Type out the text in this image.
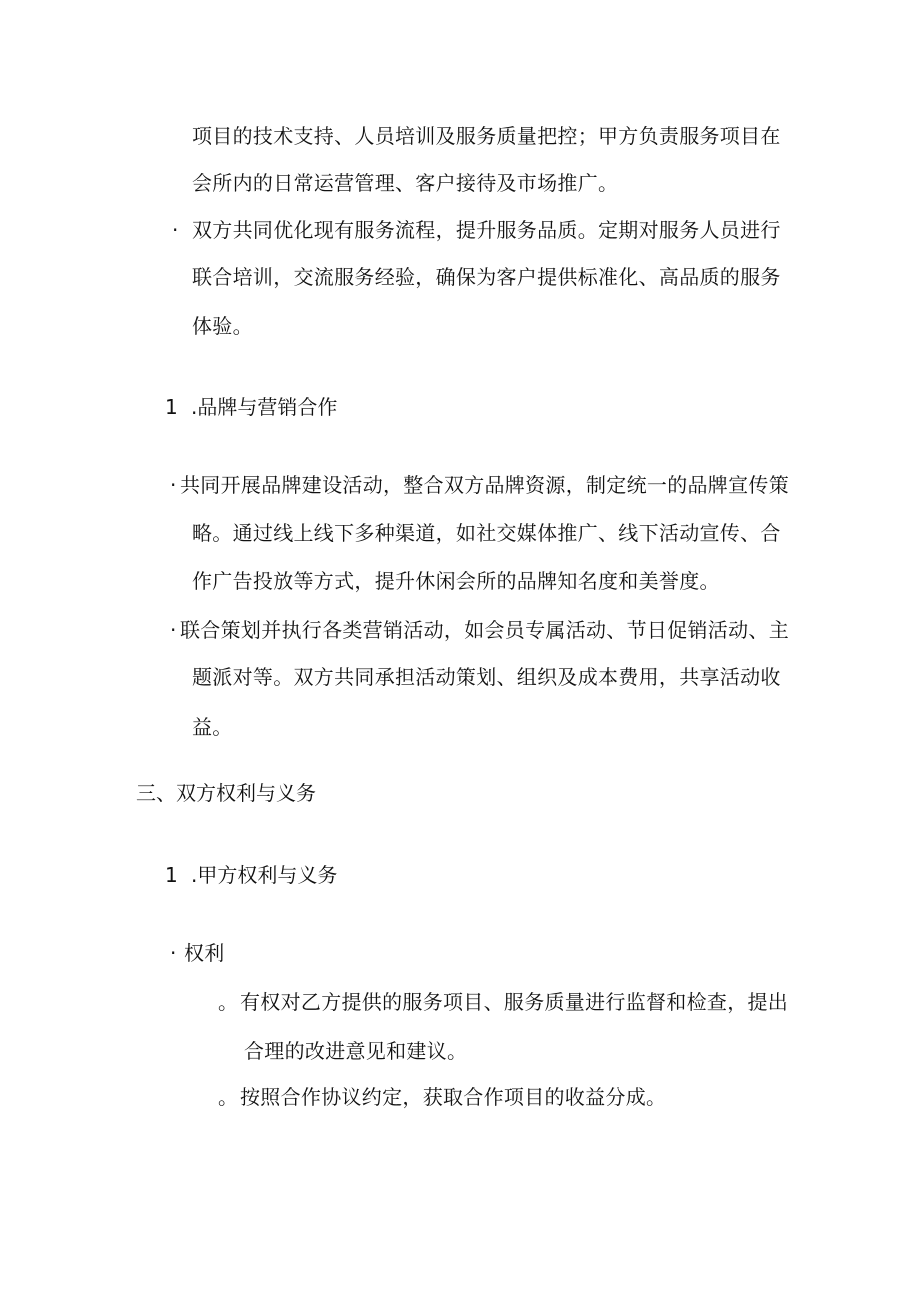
项目的技术支持、人员培训及服务质量把控；甲方负责服务项目在
会所内的日常运营管理、客户接待及市场推广。
· 双方共同优化现有服务流程，提升服务品质。定期对服务人员进行
联合培训，交流服务经验，确保为客户提供标准化、高品质的服务
体验。
1 .品牌与营销合作
· 共同开展品牌建设活动，整合双方品牌资源，制定统一的品牌宣传策
略。通过线上线下多种渠道，如社交媒体推广、线下活动宣传、合
作广告投放等方式，提升休闲会所的品牌知名度和美誉度。
· 联合策划并执行各类营销活动，如会员专属活动、节日促销活动、主
题派对等。双方共同承担活动策划、组织及成本费用，共享活动收
益。
三、双方权利与义务
1 .甲方权利与义务
· 权利
。 有权对乙方提供的服务项目、服务质量进行监督和检查，提出
合理的改进意见和建议。
。 按照合作协议约定，获取合作项目的收益分成。
